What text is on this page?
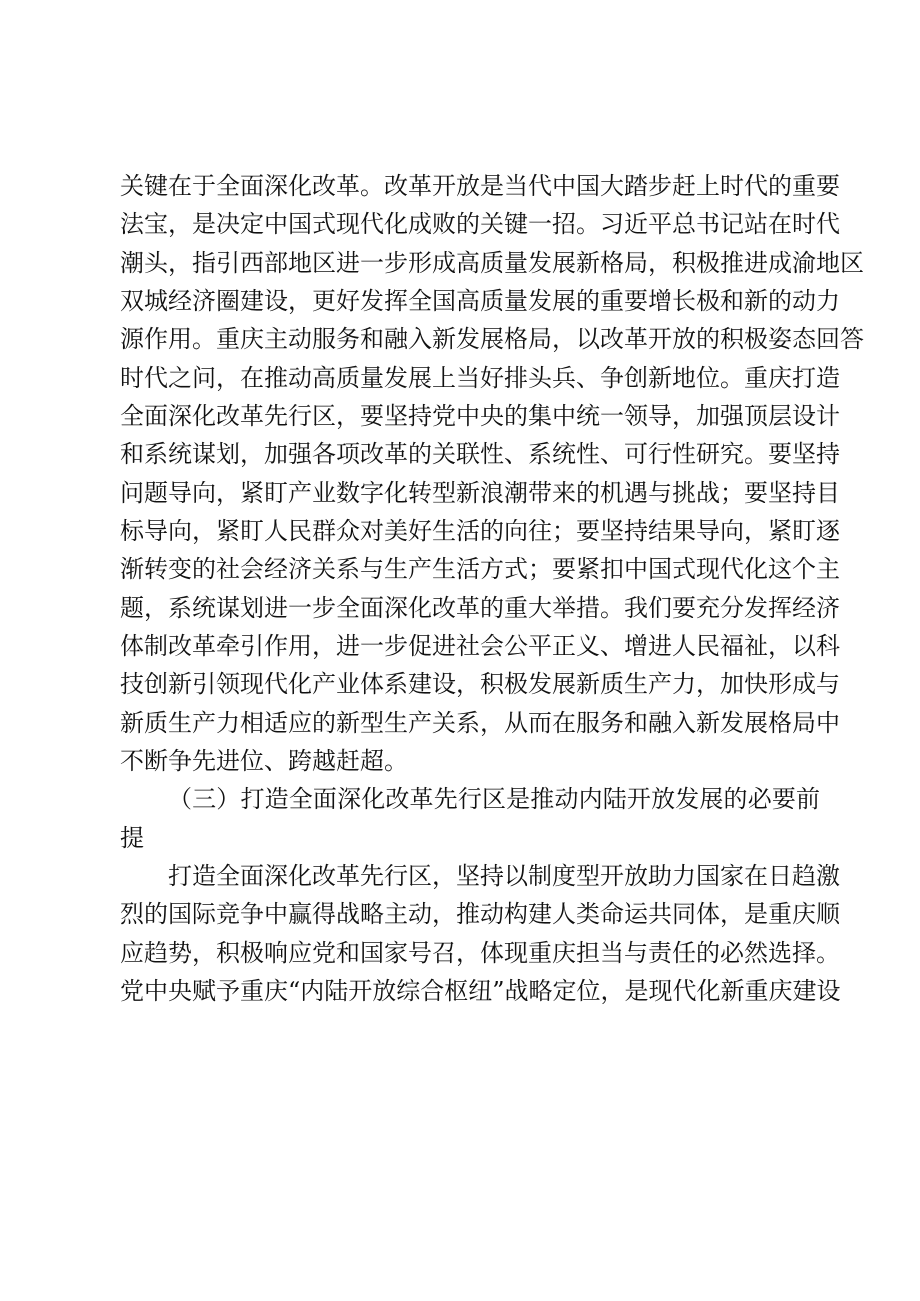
关键在于全面深化改革。改革开放是当代中国大踏步赶上时代的重要
法宝，是决定中国式现代化成败的关键一招。习近平总书记站在时代
潮头，指引西部地区进一步形成高质量发展新格局，积极推进成渝地区
双城经济圈建设，更好发挥全国高质量发展的重要增长极和新的动力
源作用。重庆主动服务和融入新发展格局，以改革开放的积极姿态回答
时代之问，在推动高质量发展上当好排头兵、争创新地位。重庆打造
全面深化改革先行区，要坚持党中央的集中统一领导，加强顶层设计
和系统谋划，加强各项改革的关联性、系统性、可行性研究。要坚持
问题导向，紧盯产业数字化转型新浪潮带来的机遇与挑战；要坚持目
标导向，紧盯人民群众对美好生活的向往；要坚持结果导向，紧盯逐
渐转变的社会经济关系与生产生活方式；要紧扣中国式现代化这个主
题，系统谋划进一步全面深化改革的重大举措。我们要充分发挥经济
体制改革牵引作用，进一步促进社会公平正义、增进人民福祉，以科
技创新引领现代化产业体系建设，积极发展新质生产力，加快形成与
新质生产力相适应的新型生产关系，从而在服务和融入新发展格局中
不断争先进位、跨越赶超。
（三）打造全面深化改革先行区是推动内陆开放发展的必要前
提
打造全面深化改革先行区，坚持以制度型开放助力国家在日趋激
烈的国际竞争中赢得战略主动，推动构建人类命运共同体，是重庆顺
应趋势，积极响应党和国家号召，体现重庆担当与责任的必然选择。
党中央赋予重庆“内陆开放综合枢纽”战略定位，是现代化新重庆建设
